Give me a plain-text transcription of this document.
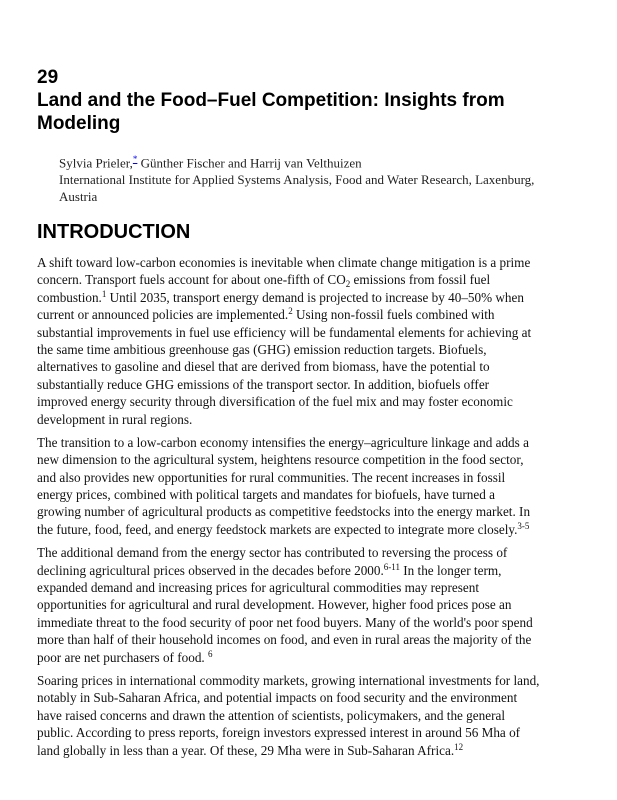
29
Land and the Food–Fuel Competition: Insights from Modeling
Sylvia Prieler,* Günther Fischer and Harrij van Velthuizen
International Institute for Applied Systems Analysis, Food and Water Research, Laxenburg,
Austria
INTRODUCTION
A shift toward low-carbon economies is inevitable when climate change mitigation is a prime
concern. Transport fuels account for about one-fifth of $CO_2$ emissions from fossil fuel
combustion.$^1$ Until 2035, transport energy demand is projected to increase by 40–50% when
current or announced policies are implemented.$^2$ Using non-fossil fuels combined with
substantial improvements in fuel use efficiency will be fundamental elements for achieving at
the same time ambitious greenhouse gas (GHG) emission reduction targets. Biofuels,
alternatives to gasoline and diesel that are derived from biomass, have the potential to
substantially reduce GHG emissions of the transport sector. In addition, biofuels offer
improved energy security through diversification of the fuel mix and may foster economic
development in rural regions.
The transition to a low-carbon economy intensifies the energy–agriculture linkage and adds a
new dimension to the agricultural system, heightens resource competition in the food sector,
and also provides new opportunities for rural communities. The recent increases in fossil
energy prices, combined with political targets and mandates for biofuels, have turned a
growing number of agricultural products as competitive feedstocks into the energy market. In
the future, food, feed, and energy feedstock markets are expected to integrate more closely.$^{3-5}$
The additional demand from the energy sector has contributed to reversing the process of
declining agricultural prices observed in the decades before 2000.$^{6-11}$ In the longer term,
expanded demand and increasing prices for agricultural commodities may represent
opportunities for agricultural and rural development. However, higher food prices pose an
immediate threat to the food security of poor net food buyers. Many of the world's poor spend
more than half of their household incomes on food, and even in rural areas the majority of the
poor are net purchasers of food. $^6$
Soaring prices in international commodity markets, growing international investments for land,
notably in Sub-Saharan Africa, and potential impacts on food security and the environment
have raised concerns and drawn the attention of scientists, policymakers, and the general
public. According to press reports, foreign investors expressed interest in around 56 Mha of
land globally in less than a year. Of these, 29 Mha were in Sub-Saharan Africa.$^{12}$
